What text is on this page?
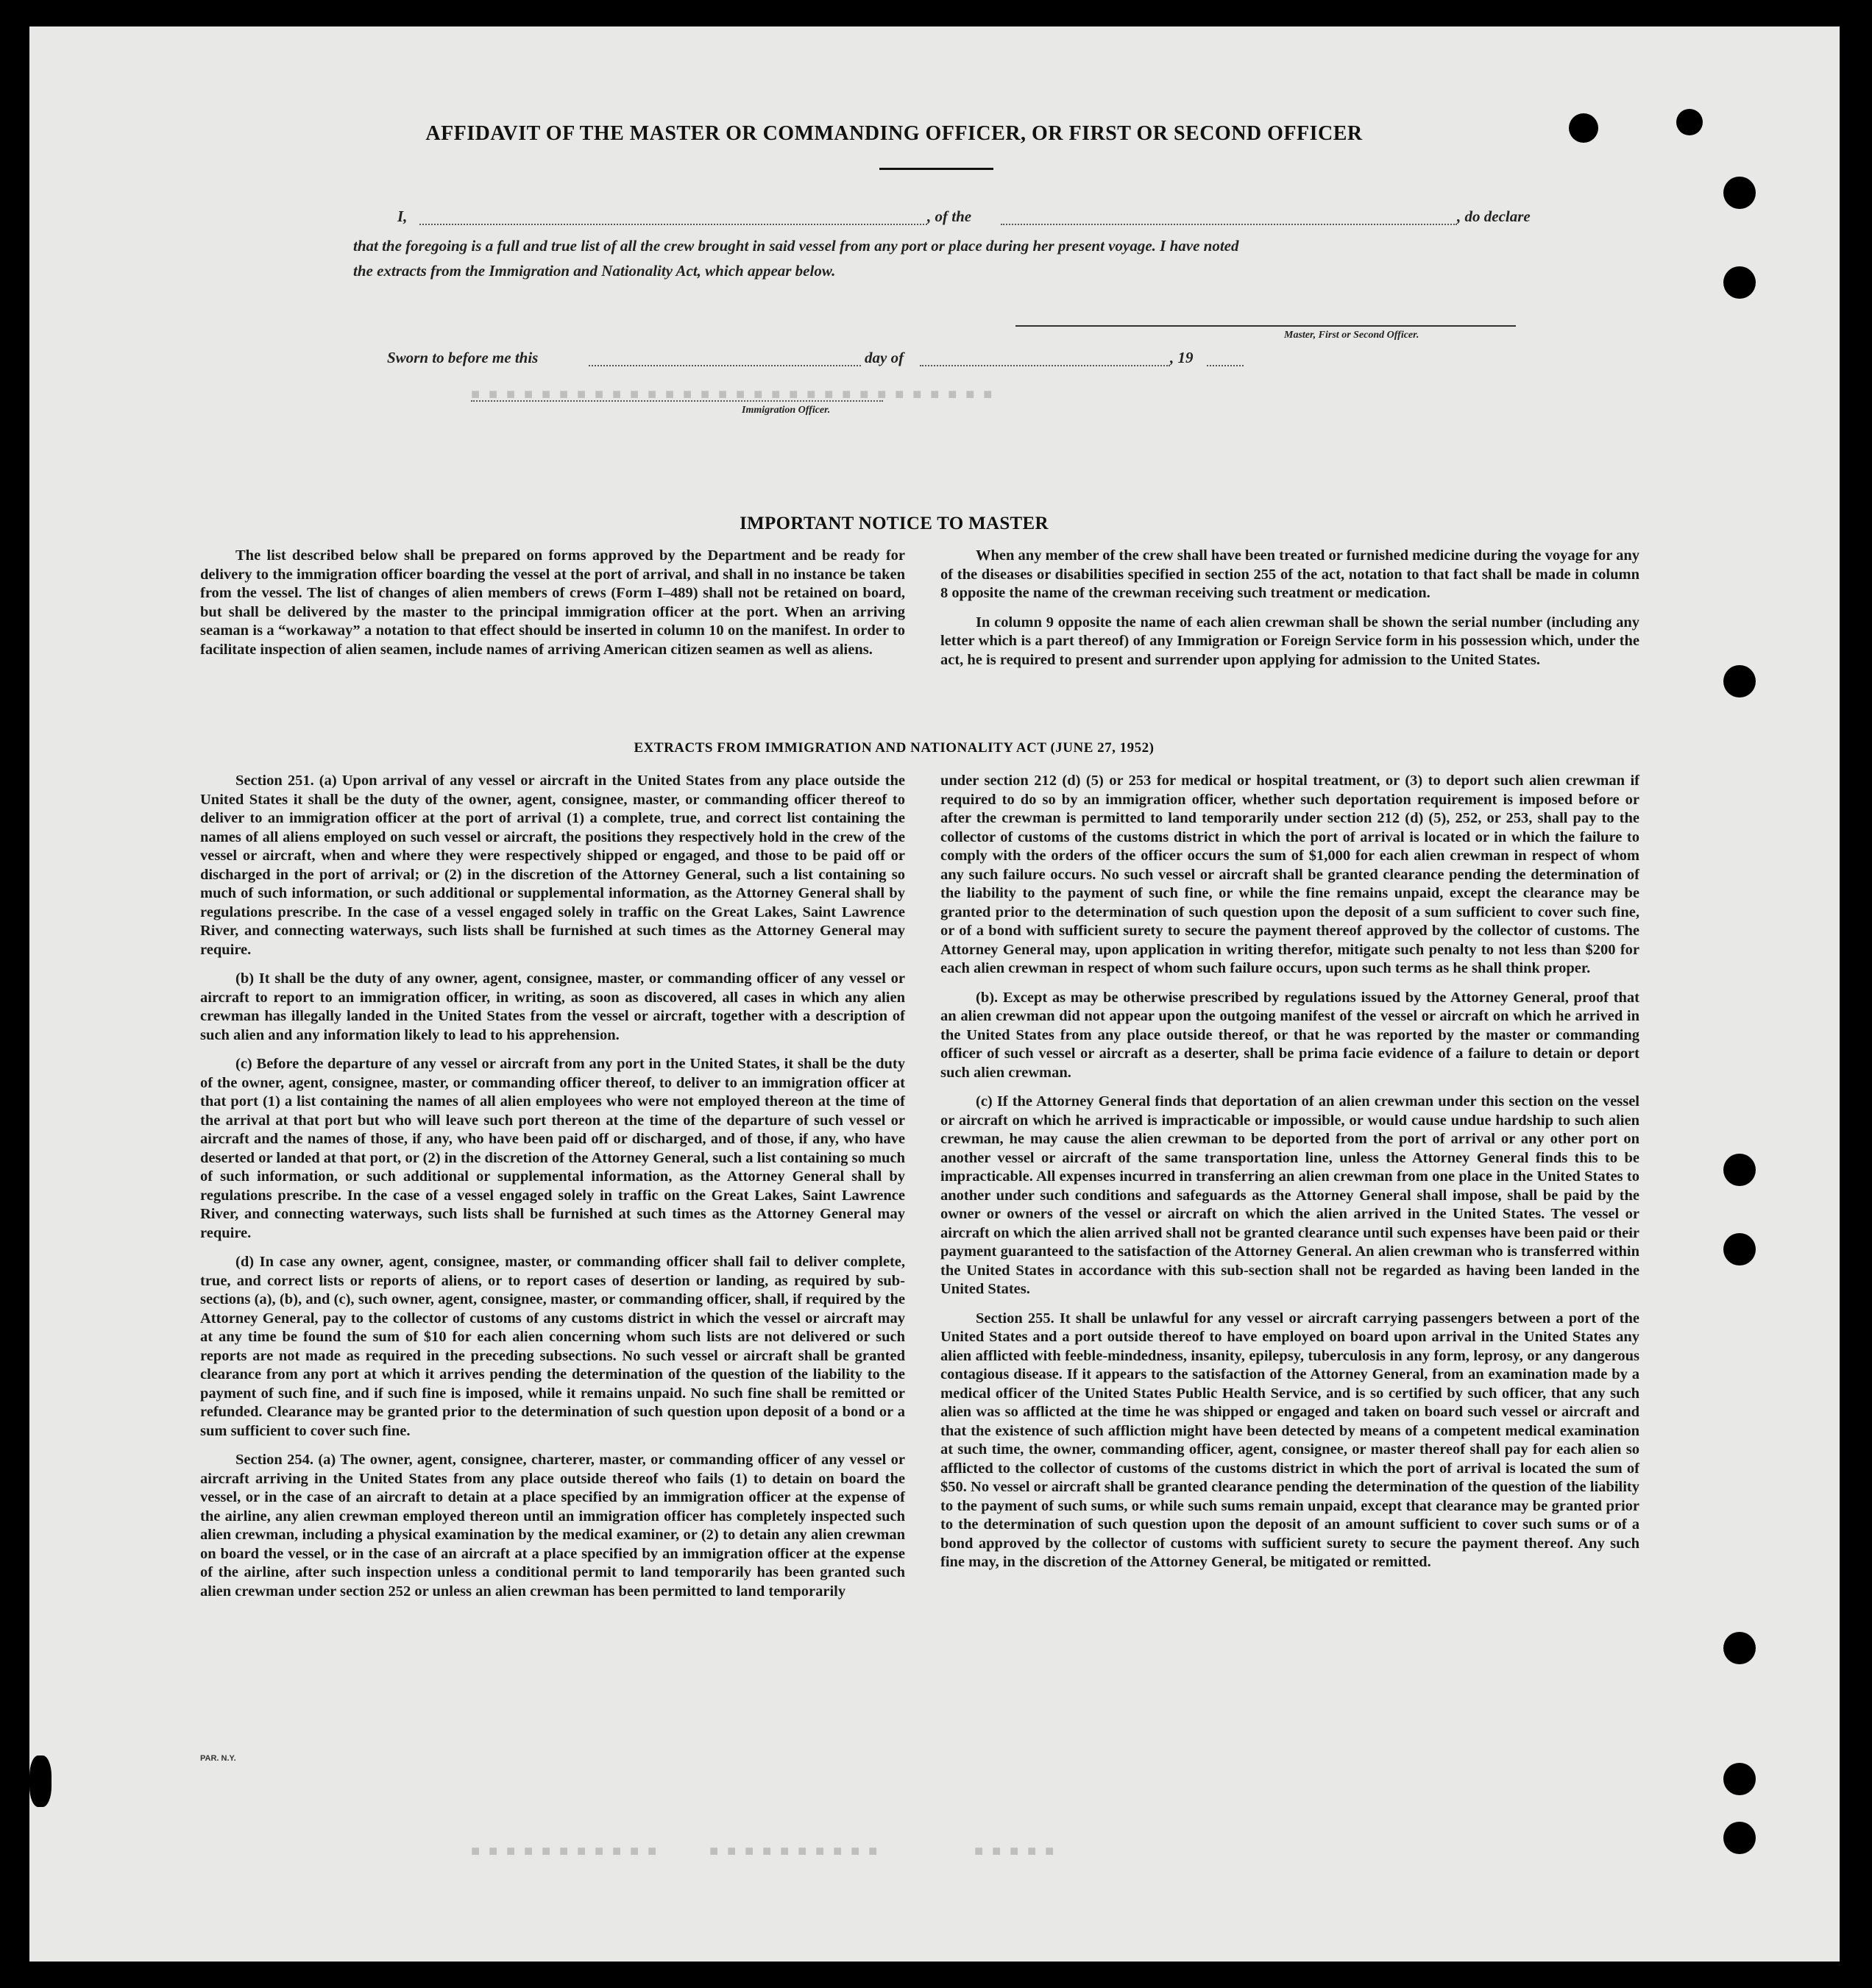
■ ■ ■ ■ ■ ■ ■ ■ ■ ■ ■ ■ ■ ■ ■ ■ ■ ■ ■ ■ ■ ■ ■ ■ ■ ■ ■ ■ ■ ■
■ ■ ■ ■ ■ ■ ■ ■ ■ ■ ■      ■ ■ ■ ■ ■ ■ ■ ■ ■ ■           ■ ■ ■ ■ ■
AFFIDAVIT OF THE MASTER OR COMMANDING OFFICER, OR FIRST OR SECOND OFFICER
I,	, of the	, do declare
that the foregoing is a full and true list of all the crew brought in said vessel from any port or place during her present voyage. I have noted
the extracts from the Immigration and Nationality Act, which appear below.
Master, First or Second Officer.
Sworn to before me this	day of	, 19
Immigration Officer.
IMPORTANT NOTICE TO MASTER

The list described below shall be prepared on forms approved by the Department and be ready for delivery to the immigration officer boarding the vessel at the port of arrival, and shall in no instance be taken from the vessel. The list of changes of alien members of crews (Form I–489) shall not be retained on board, but shall be delivered by the master to the principal immigration officer at the port. When an arriving seaman is a “workaway” a notation to that effect should be inserted in column 10 on the manifest. In order to facilitate inspection of alien seamen, include names of arriving American citizen seamen as well as aliens.

When any member of the crew shall have been treated or furnished medicine during the voyage for any of the diseases or disabilities specified in section 255 of the act, notation to that fact shall be made in column 8 opposite the name of the crewman receiving such treatment or medication.

In column 9 opposite the name of each alien crewman shall be shown the serial number (including any letter which is a part thereof) of any Immigration or Foreign Service form in his possession which, under the act, he is required to present and surrender upon applying for admission to the United States.

EXTRACTS FROM IMMIGRATION AND NATIONALITY ACT (JUNE 27, 1952)

Section 251. (a) Upon arrival of any vessel or aircraft in the United States from any place outside the United States it shall be the duty of the owner, agent, consignee, master, or commanding officer thereof to deliver to an immigration officer at the port of arrival (1) a complete, true, and correct list containing the names of all aliens employed on such vessel or aircraft, the positions they respectively hold in the crew of the vessel or aircraft, when and where they were respectively shipped or engaged, and those to be paid off or discharged in the port of arrival; or (2) in the discretion of the Attorney General, such a list containing so much of such information, or such additional or supplemental information, as the Attorney General shall by regulations prescribe. In the case of a vessel engaged solely in traffic on the Great Lakes, Saint Lawrence River, and connecting waterways, such lists shall be furnished at such times as the Attorney General may require.

(b) It shall be the duty of any owner, agent, consignee, master, or commanding officer of any vessel or aircraft to report to an immigration officer, in writing, as soon as discovered, all cases in which any alien crewman has illegally landed in the United States from the vessel or aircraft, together with a description of such alien and any information likely to lead to his apprehension.

(c) Before the departure of any vessel or aircraft from any port in the United States, it shall be the duty of the owner, agent, consignee, master, or commanding officer thereof, to deliver to an immigration officer at that port (1) a list containing the names of all alien employees who were not employed thereon at the time of the arrival at that port but who will leave such port thereon at the time of the departure of such vessel or aircraft and the names of those, if any, who have been paid off or discharged, and of those, if any, who have deserted or landed at that port, or (2) in the discretion of the Attorney General, such a list containing so much of such information, or such additional or supplemental information, as the Attorney General shall by regulations prescribe. In the case of a vessel engaged solely in traffic on the Great Lakes, Saint Lawrence River, and connecting waterways, such lists shall be furnished at such times as the Attorney General may require.

(d) In case any owner, agent, consignee, master, or commanding officer shall fail to deliver complete, true, and correct lists or reports of aliens, or to report cases of desertion or landing, as required by sub-sections (a), (b), and (c), such owner, agent, consignee, master, or commanding officer, shall, if required by the Attorney General, pay to the collector of customs of any customs district in which the vessel or aircraft may at any time be found the sum of $10 for each alien concerning whom such lists are not delivered or such reports are not made as required in the preceding subsections. No such vessel or aircraft shall be granted clearance from any port at which it arrives pending the determination of the question of the liability to the payment of such fine, and if such fine is imposed, while it remains unpaid. No such fine shall be remitted or refunded. Clearance may be granted prior to the determination of such question upon deposit of a bond or a sum sufficient to cover such fine.

Section 254. (a) The owner, agent, consignee, charterer, master, or commanding officer of any vessel or aircraft arriving in the United States from any place outside thereof who fails (1) to detain on board the vessel, or in the case of an aircraft to detain at a place specified by an immigration officer at the expense of the airline, any alien crewman employed thereon until an immigration officer has completely inspected such alien crewman, including a physical examination by the medical examiner, or (2) to detain any alien crewman on board the vessel, or in the case of an aircraft at a place specified by an immigration officer at the expense of the airline, after such inspection unless a conditional permit to land temporarily has been granted such alien crewman under section 252 or unless an alien crewman has been permitted to land temporarily

under section 212 (d) (5) or 253 for medical or hospital treatment, or (3) to deport such alien crewman if required to do so by an immigration officer, whether such deportation requirement is imposed before or after the crewman is permitted to land temporarily under section 212 (d) (5), 252, or 253, shall pay to the collector of customs of the customs district in which the port of arrival is located or in which the failure to comply with the orders of the officer occurs the sum of $1,000 for each alien crewman in respect of whom any such failure occurs. No such vessel or aircraft shall be granted clearance pending the determination of the liability to the payment of such fine, or while the fine remains unpaid, except the clearance may be granted prior to the determination of such question upon the deposit of a sum sufficient to cover such fine, or of a bond with sufficient surety to secure the payment thereof approved by the collector of customs. The Attorney General may, upon application in writing therefor, mitigate such penalty to not less than $200 for each alien crewman in respect of whom such failure occurs, upon such terms as he shall think proper.

(b). Except as may be otherwise prescribed by regulations issued by the Attorney General, proof that an alien crewman did not appear upon the outgoing manifest of the vessel or aircraft on which he arrived in the United States from any place outside thereof, or that he was reported by the master or commanding officer of such vessel or aircraft as a deserter, shall be prima facie evidence of a failure to detain or deport such alien crewman.

(c) If the Attorney General finds that deportation of an alien crewman under this section on the vessel or aircraft on which he arrived is impracticable or impossible, or would cause undue hardship to such alien crewman, he may cause the alien crewman to be deported from the port of arrival or any other port on another vessel or aircraft of the same transportation line, unless the Attorney General finds this to be impracticable. All expenses incurred in transferring an alien crewman from one place in the United States to another under such conditions and safeguards as the Attorney General shall impose, shall be paid by the owner or owners of the vessel or aircraft on which the alien arrived in the United States. The vessel or aircraft on which the alien arrived shall not be granted clearance until such expenses have been paid or their payment guaranteed to the satisfaction of the Attorney General. An alien crewman who is transferred within the United States in accordance with this sub-section shall not be regarded as having been landed in the United States.

Section 255. It shall be unlawful for any vessel or aircraft carrying passengers between a port of the United States and a port outside thereof to have employed on board upon arrival in the United States any alien afflicted with feeble-mindedness, insanity, epilepsy, tuberculosis in any form, leprosy, or any dangerous contagious disease. If it appears to the satisfaction of the Attorney General, from an examination made by a medical officer of the United States Public Health Service, and is so certified by such officer, that any such alien was so afflicted at the time he was shipped or engaged and taken on board such vessel or aircraft and that the existence of such affliction might have been detected by means of a competent medical examination at such time, the owner, commanding officer, agent, consignee, or master thereof shall pay for each alien so afflicted to the collector of customs of the customs district in which the port of arrival is located the sum of $50. No vessel or aircraft shall be granted clearance pending the determination of the question of the liability to the payment of such sums, or while such sums remain unpaid, except that clearance may be granted prior to the determination of such question upon the deposit of an amount sufficient to cover such sums or of a bond approved by the collector of customs with sufficient surety to secure the payment thereof. Any such fine may, in the discretion of the Attorney General, be mitigated or remitted.

PAR. N.Y.
